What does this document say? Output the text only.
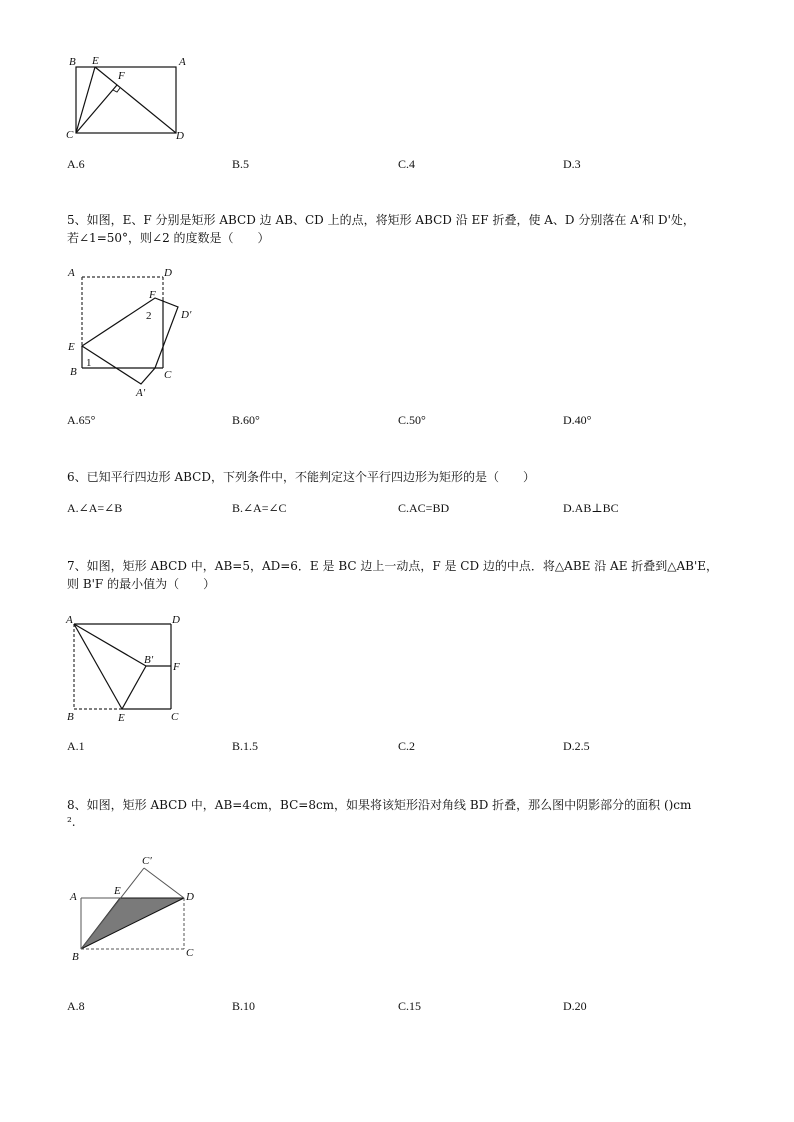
B E
F
A
C	D
A.6	B.5	C.4	D.3
5、如图，E、F 分别是矩形 ABCD 边 AB、CD 上的点，将矩形 ABCD 沿 EF 折叠，使 A、D 分别落在 A'和 D'处，
若∠1=50°，则∠2 的度数是（　　）
A	D
F
D′
2
E
1
B	C
A′
A.65°	B.60°	C.50°	D.40°
6、已知平行四边形 ABCD，下列条件中，不能判定这个平行四边形为矩形的是（　　）
A.∠A=∠B	B.∠A=∠C	C.AC=BD	D.AB⊥BC
7、如图，矩形 ABCD 中，AB=5，AD=6．E 是 BC 边上一动点，F 是 CD 边的中点．将△ABE 沿 AE 折叠到△AB'E，
则 B'F 的最小值为（　　）
A	D
B′
F
B	E	C
A.1	B.1.5	C.2	D.2.5
8、如图，矩形 ABCD 中，AB=4cm，BC=8cm，如果将该矩形沿对角线 BD 折叠，那么图中阴影部分的面积 ()cm
².
C′
A	E	D
B	C
A.8	B.10	C.15	D.20
